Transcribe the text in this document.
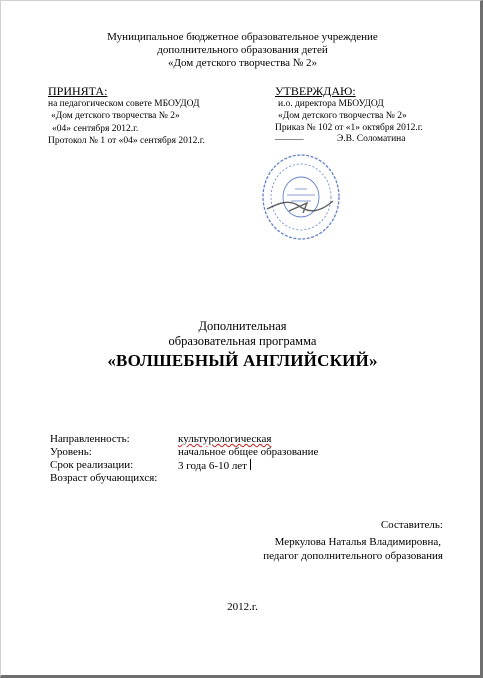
Муниципальное бюджетное образовательное учреждение
дополнительного образования детей
«Дом детского творчества № 2»
ПРИНЯТА:
на педагогическом совете МБОУДОД
«Дом детского творчества № 2»
«04» сентября 2012.г.
Протокол № 1 от «04» сентября 2012.г.
УТВЕРЖДАЮ:
и.о. директора МБОУДОД
«Дом детского творчества № 2»
Приказ № 102 от «1» октября 2012.г.
______	Э.В. Соломатина
Дополнительная
образовательная программа
«ВОЛШЕБНЫЙ АНГЛИЙСКИЙ»
Направленность:	культурологическая
Уровень:	начальное общее образование
Срок реализации:	3 года 6-10 лет
Возраст обучающихся:
Составитель:
Меркулова Наталья Владимировна,
педагог дополнительного образования
2012.г.
